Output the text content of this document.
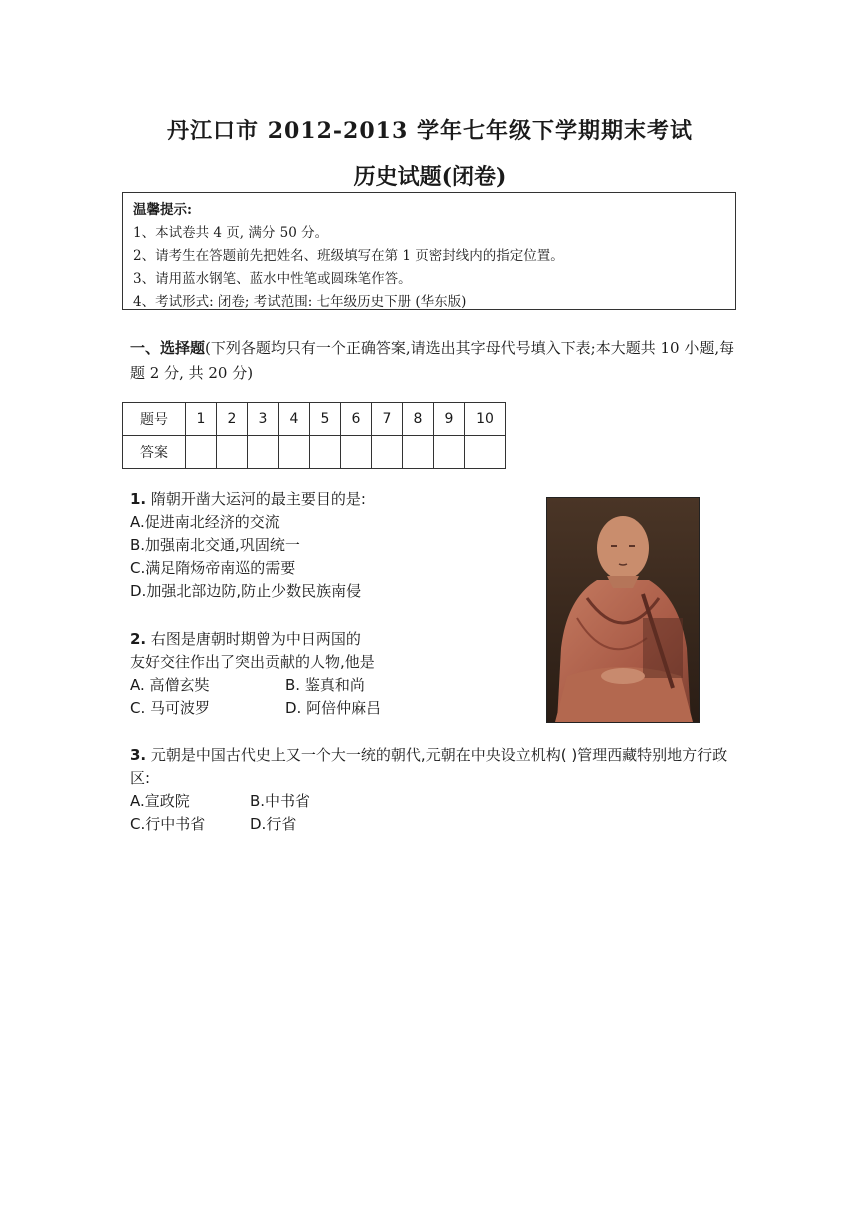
丹江口市 2012-2013 学年七年级下学期期末考试
历史试题(闭卷)
温馨提示:
1、本试卷共 4 页, 满分 50 分。
2、请考生在答题前先把姓名、班级填写在第 1 页密封线内的指定位置。
3、请用蓝水钢笔、蓝水中性笔或圆珠笔作答。
4、考试形式: 闭卷; 考试范围: 七年级历史下册 (华东版)
一、选择题(下列各题均只有一个正确答案,请选出其字母代号填入下表;本大题共 10 小题,每题 2 分, 共 20 分)
题号	1	2	3	4	5	6	7	8	9	10
答案										
1. 隋朝开凿大运河的最主要目的是:
A.促进南北经济的交流
B.加强南北交通,巩固统一
C.满足隋炀帝南巡的需要
D.加强北部边防,防止少数民族南侵
2. 右图是唐朝时期曾为中日两国的
友好交往作出了突出贡献的人物,他是
A. 高僧玄奘	B. 鉴真和尚
C. 马可波罗	D. 阿倍仲麻吕
3. 元朝是中国古代史上又一个大一统的朝代,元朝在中央设立机构( )管理西藏特别地方行政区:
A.宣政院	B.中书省
C.行中书省	D.行省
